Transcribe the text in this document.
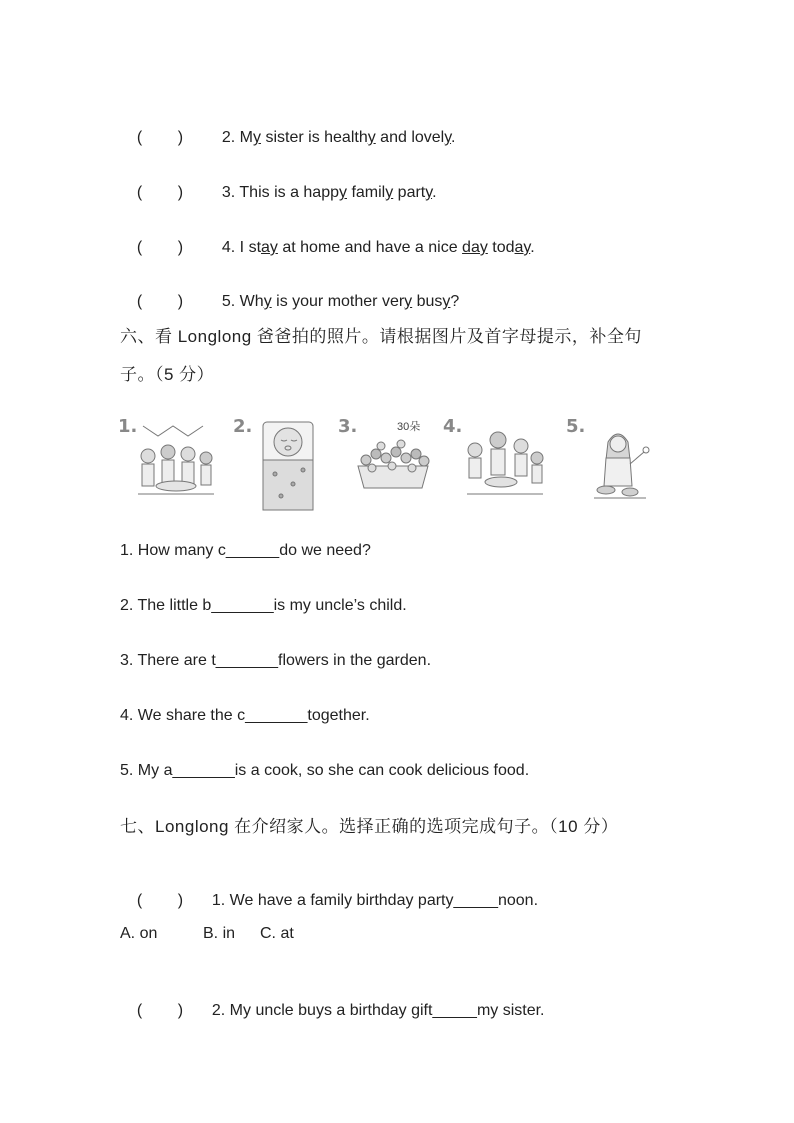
(        ) 2. My sister is healthy and lovely.

(        ) 3. This is a happy family party.

(        ) 4. I stay at home and have a nice day today.

(        ) 5. Why is your mother very busy?

六、看 Longlong 爸爸拍的照片。请根据图片及首字母提示，补全句
子。（5 分）
1.	2.	3.	30朵 4.	5.
1. How many c______do we need?
2. The little b_______is my uncle’s child.
3. There are t_______flowers in the garden.
4. We share the c_______together.
5. My a_______is a cook, so she can cook delicious food.
七、Longlong 在介绍家人。选择正确的选项完成句子。（10 分）

(        ) 1. We have a family birthday party_____noon.

A. on	B. in C. at

(        ) 2. My uncle buys a birthday gift_____my sister.
